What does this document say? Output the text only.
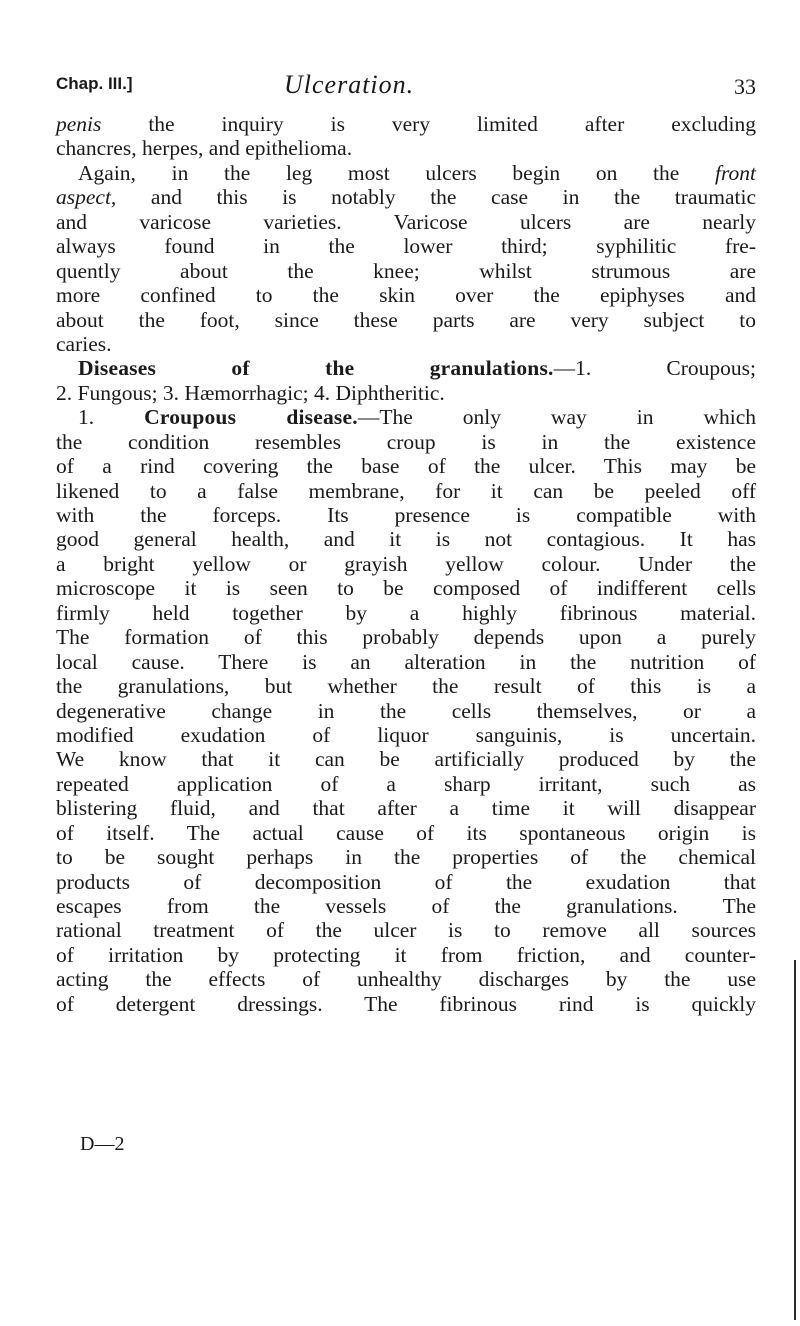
Chap. III.]	Ulceration.	33
penis the inquiry is very limited after excluding
chancres, herpes, and epithelioma.
Again, in the leg most ulcers begin on the front
aspect, and this is notably the case in the traumatic
and varicose varieties. Varicose ulcers are nearly
always found in the lower third; syphilitic fre-
quently about the knee; whilst strumous are
more confined to the skin over the epiphyses and
about the foot, since these parts are very subject to
caries.
Diseases of the granulations.—1. Croupous;
2. Fungous; 3. Hæmorrhagic; 4. Diphtheritic.
1. Croupous disease.—The only way in which
the condition resembles croup is in the existence
of a rind covering the base of the ulcer. This may be
likened to a false membrane, for it can be peeled off
with the forceps. Its presence is compatible with
good general health, and it is not contagious. It has
a bright yellow or grayish yellow colour. Under the
microscope it is seen to be composed of indifferent cells
firmly held together by a highly fibrinous material.
The formation of this probably depends upon a purely
local cause. There is an alteration in the nutrition of
the granulations, but whether the result of this is a
degenerative change in the cells themselves, or a
modified exudation of liquor sanguinis, is uncertain.
We know that it can be artificially produced by the
repeated application of a sharp irritant, such as
blistering fluid, and that after a time it will disappear
of itself. The actual cause of its spontaneous origin is
to be sought perhaps in the properties of the chemical
products of decomposition of the exudation that
escapes from the vessels of the granulations. The
rational treatment of the ulcer is to remove all sources
of irritation by protecting it from friction, and counter-
acting the effects of unhealthy discharges by the use
of detergent dressings. The fibrinous rind is quickly
D—2
